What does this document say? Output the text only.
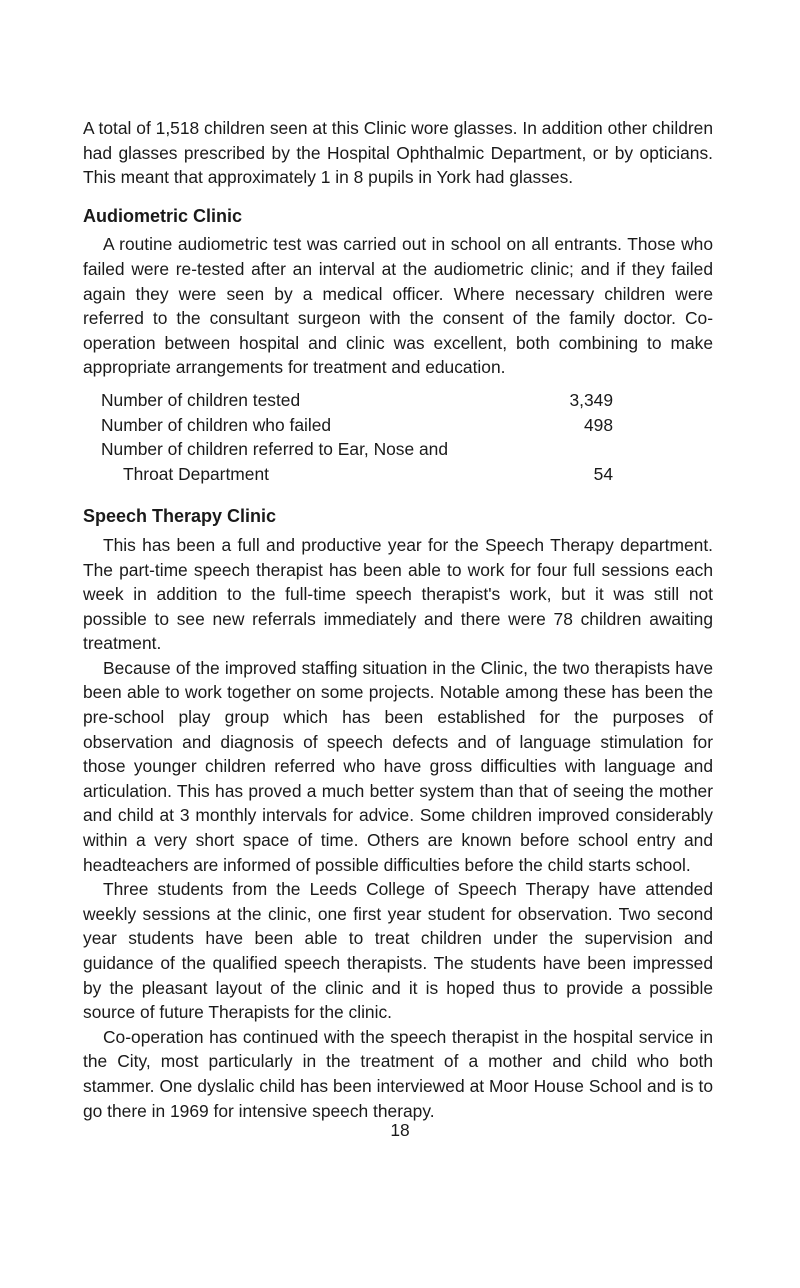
A total of 1,518 children seen at this Clinic wore glasses. In addition other children had glasses prescribed by the Hospital Ophthalmic Department, or by opticians. This meant that approximately 1 in 8 pupils in York had glasses.

Audiometric Clinic

A routine audiometric test was carried out in school on all entrants. Those who failed were re-tested after an interval at the audiometric clinic; and if they failed again they were seen by a medical officer. Where necessary children were referred to the consultant surgeon with the consent of the family doctor. Co-operation between hospital and clinic was excellent, both combining to make appropriate arrangements for treatment and education.

Number of children tested	3,349
Number of children who failed	498
Number of children referred to Ear, Nose and
Throat Department	54
Speech Therapy Clinic

This has been a full and productive year for the Speech Therapy department. The part-time speech therapist has been able to work for four full sessions each week in addition to the full-time speech therapist's work, but it was still not possible to see new referrals immediately and there were 78 children awaiting treatment.

Because of the improved staffing situation in the Clinic, the two therapists have been able to work together on some projects. Notable among these has been the pre-school play group which has been established for the purposes of observation and diagnosis of speech defects and of language stimulation for those younger children referred who have gross difficulties with language and articulation. This has proved a much better system than that of seeing the mother and child at 3 monthly intervals for advice. Some children improved considerably within a very short space of time. Others are known before school entry and headteachers are informed of possible difficulties before the child starts school.

Three students from the Leeds College of Speech Therapy have attended weekly sessions at the clinic, one first year student for observation. Two second year students have been able to treat children under the supervision and guidance of the qualified speech therapists. The students have been impressed by the pleasant layout of the clinic and it is hoped thus to provide a possible source of future Therapists for the clinic.

Co-operation has continued with the speech therapist in the hospital service in the City, most particularly in the treatment of a mother and child who both stammer. One dyslalic child has been interviewed at Moor House School and is to go there in 1969 for intensive speech therapy.

18
